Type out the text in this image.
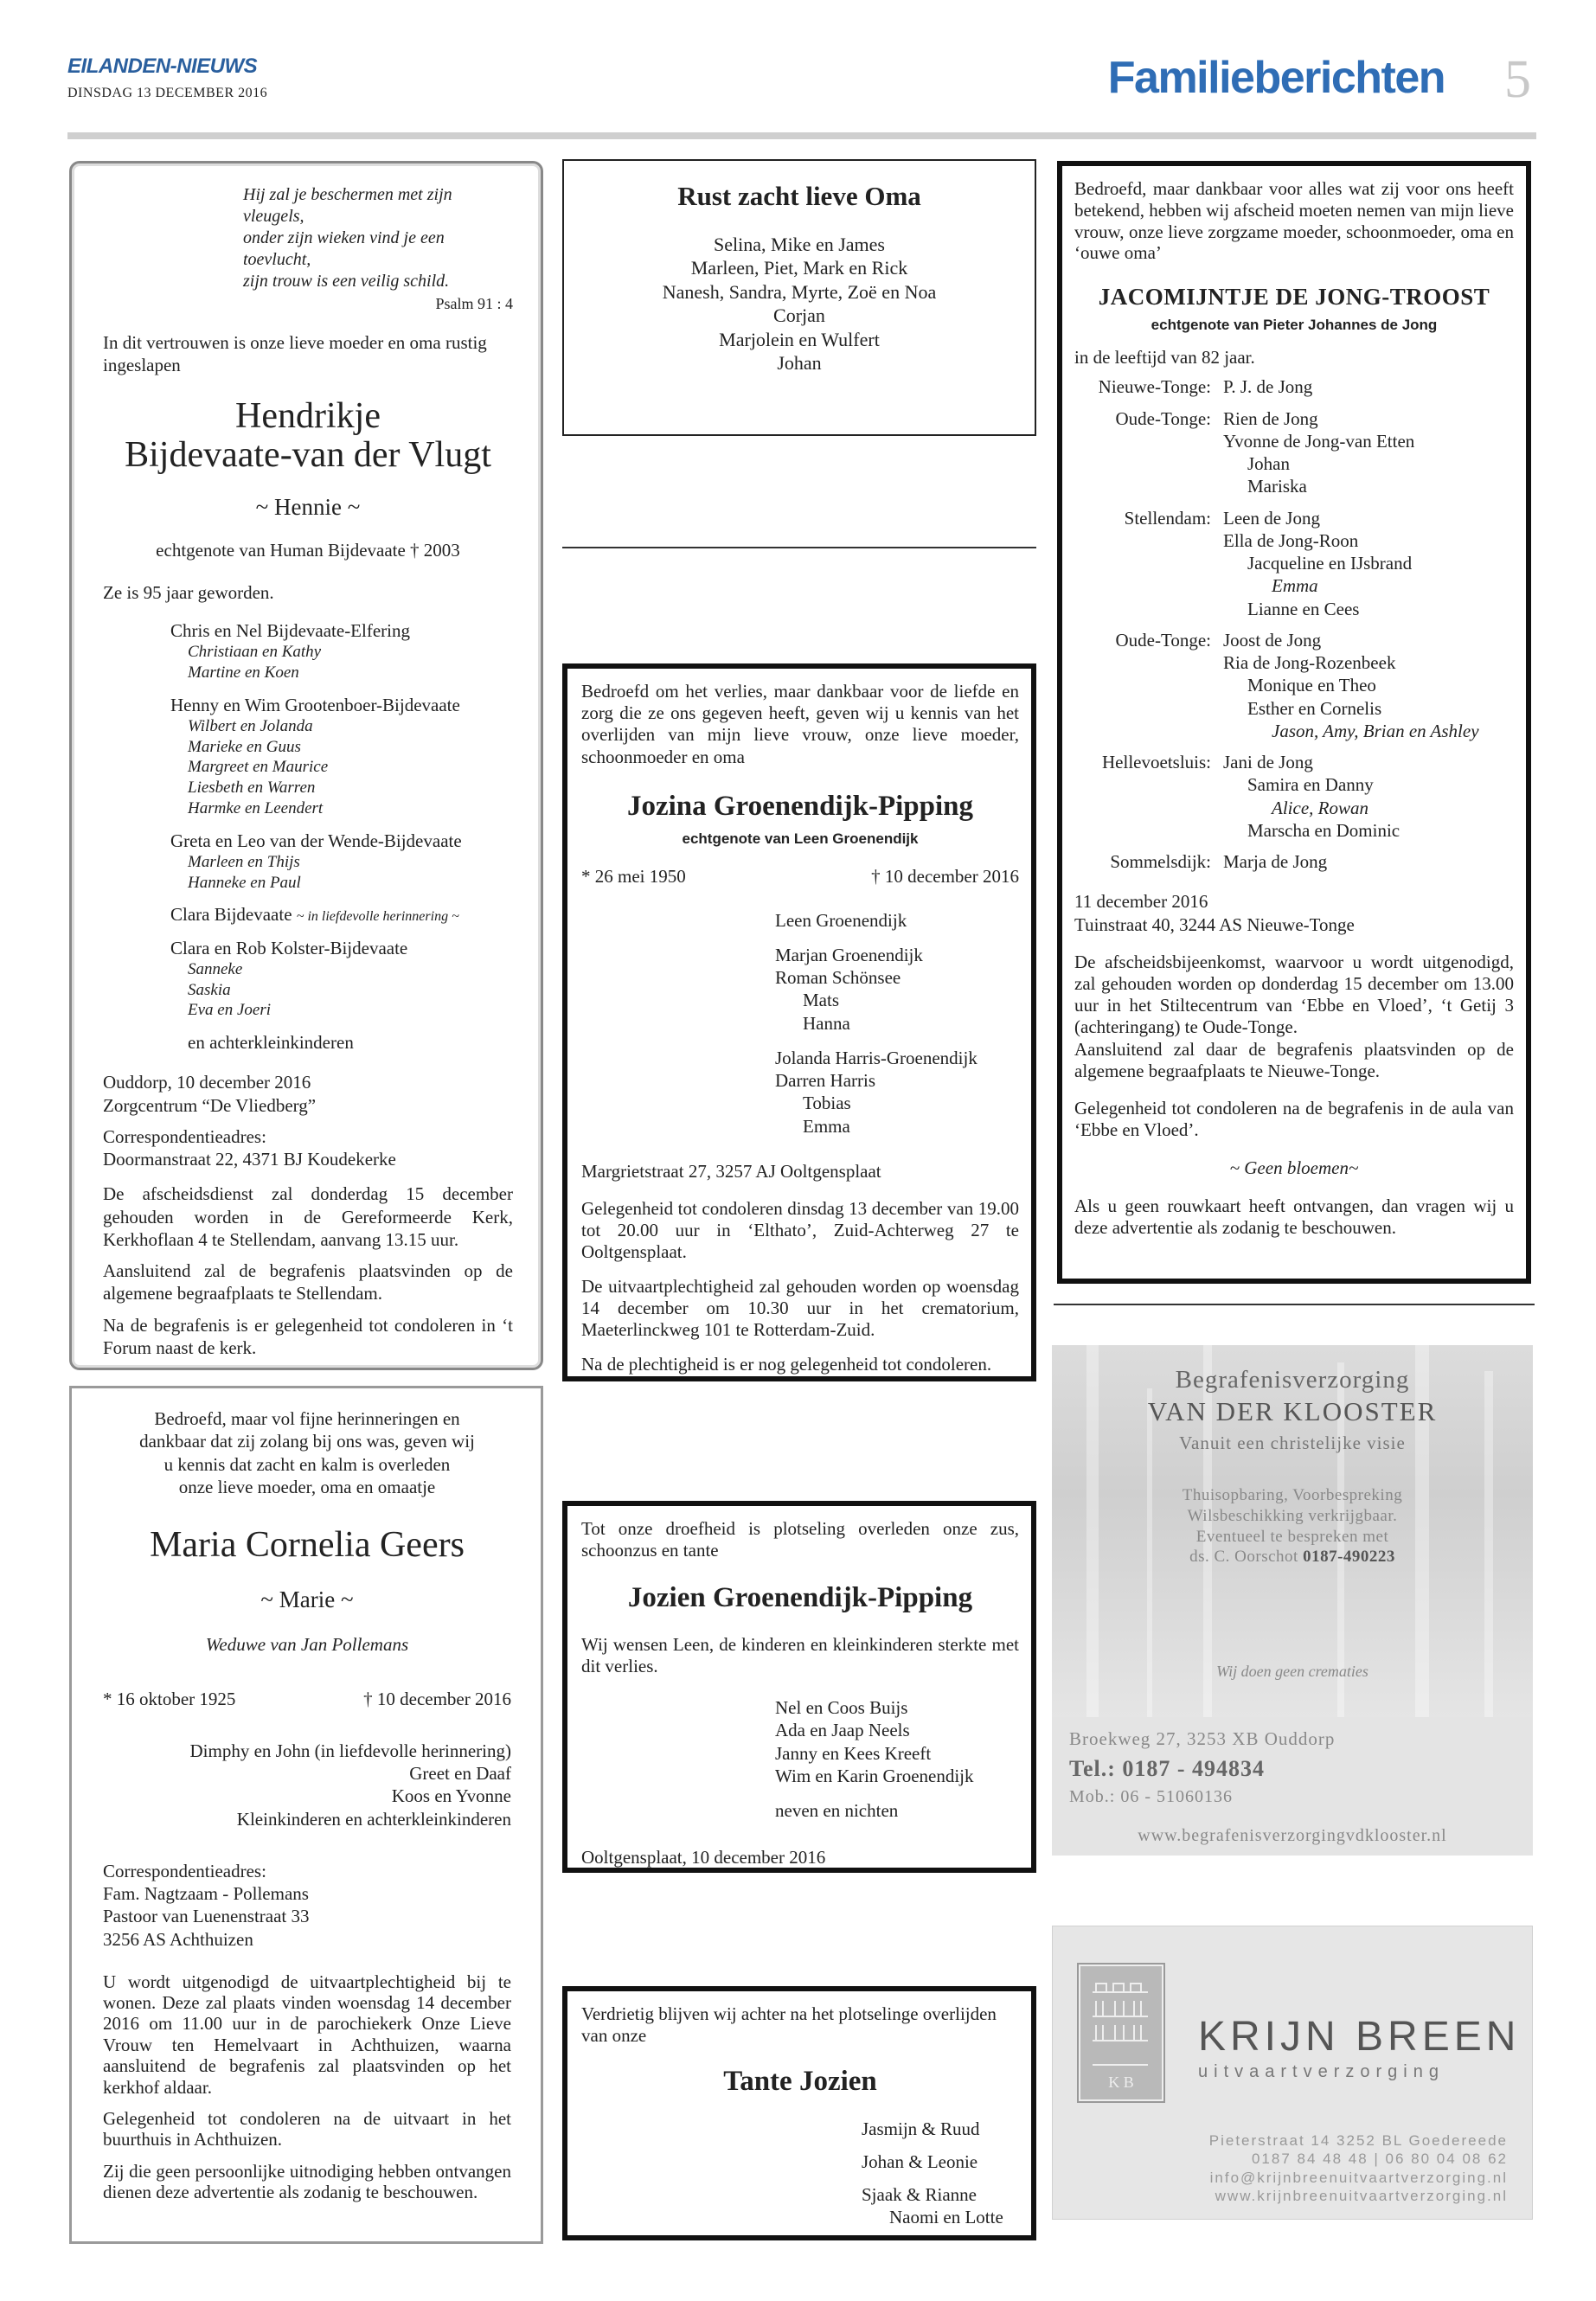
EILANDEN-NIEUWS
DINSDAG 13 DECEMBER 2016	Familieberichten	5
Hij zal je beschermen met zijn vleugels,
onder zijn wieken vind je een toevlucht,
zijn trouw is een veilig schild.
Psalm 91 : 4
In dit vertrouwen is onze lieve moeder en oma rustig ingeslapen
Hendrikje
Bijdevaate-van der Vlugt
~ Hennie ~
echtgenote van Human Bijdevaate † 2003
Ze is 95 jaar geworden.
Chris en Nel Bijdevaate-Elfering
Christiaan en Kathy
Martine en Koen
Henny en Wim Grootenboer-Bijdevaate
Wilbert en Jolanda
Marieke en Guus
Margreet en Maurice
Liesbeth en Warren
Harmke en Leendert
Greta en Leo van der Wende-Bijdevaate
Marleen en Thijs
Hanneke en Paul
Clara Bijdevaate ~ in liefdevolle herinnering ~
Clara en Rob Kolster-Bijdevaate
Sanneke
Saskia
Eva en Joeri
en achterkleinkinderen
Ouddorp, 10 december 2016
Zorgcentrum “De Vliedberg”
Correspondentieadres:
Doormanstraat 22, 4371 BJ Koudekerke
De afscheidsdienst zal donderdag 15 december gehouden worden in de Gereformeerde Kerk, Kerkhoflaan 4 te Stellendam, aanvang 13.15 uur.
Aansluitend zal de begrafenis plaatsvinden op de algemene begraafplaats te Stellendam.
Na de begrafenis is er gelegenheid tot condoleren in ‘t Forum naast de kerk.
Bedroefd, maar vol fijne herinneringen en
dankbaar dat zij zolang bij ons was, geven wij
u kennis dat zacht en kalm is overleden
onze lieve moeder, oma en omaatje
Maria Cornelia Geers
~ Marie ~
Weduwe van Jan Pollemans
* 16 oktober 1925	† 10 december 2016
Dimphy en John (in liefdevolle herinnering)
Greet en Daaf
Koos en Yvonne
Kleinkinderen en achterkleinkinderen
Correspondentieadres:
Fam. Nagtzaam - Pollemans
Pastoor van Luenenstraat 33
3256 AS Achthuizen
U wordt uitgenodigd de uitvaartplechtigheid bij te wonen. Deze zal plaats vinden woensdag 14 december 2016 om 11.00 uur in de parochiekerk Onze Lieve Vrouw ten Hemelvaart in Achthuizen, waarna aansluitend de begrafenis zal plaatsvinden op het kerkhof aldaar.
Gelegenheid tot condoleren na de uitvaart in het buurthuis in Achthuizen.
Zij die geen persoonlijke uitnodiging hebben ontvangen dienen deze advertentie als zodanig te beschouwen.
Rust zacht lieve Oma
Selina, Mike en James
Marleen, Piet, Mark en Rick
Nanesh, Sandra, Myrte, Zoë en Noa
Corjan
Marjolein en Wulfert
Johan
Bedroefd om het verlies, maar dankbaar voor de liefde en zorg die ze ons gegeven heeft, geven wij u kennis van het overlijden van mijn lieve vrouw, onze lieve moeder, schoonmoeder en oma
Jozina Groenendijk-Pipping
echtgenote van Leen Groenendijk
* 26 mei 1950	† 10 december 2016
Leen Groenendijk
Marjan Groenendijk
Roman Schönsee
Mats
Hanna
Jolanda Harris-Groenendijk
Darren Harris
Tobias
Emma
Margrietstraat 27, 3257 AJ Ooltgensplaat
Gelegenheid tot condoleren dinsdag 13 december van 19.00 tot 20.00 uur in ‘Elthato’, Zuid-Achterweg 27 te Ooltgensplaat.
De uitvaartplechtigheid zal gehouden worden op woensdag 14 december om 10.30 uur in het crematorium, Maeterlinckweg 101 te Rotterdam-Zuid.
Na de plechtigheid is er nog gelegenheid tot condoleren.
Tot onze droefheid is plotseling overleden onze zus, schoonzus en tante
Jozien Groenendijk-Pipping
Wij wensen Leen, de kinderen en kleinkinderen sterkte met dit verlies.
Nel en Coos Buijs
Ada en Jaap Neels
Janny en Kees Kreeft
Wim en Karin Groenendijk
neven en nichten
Ooltgensplaat, 10 december 2016
Verdrietig blijven wij achter na het plotselinge overlijden van onze
Tante Jozien
Jasmijn & Ruud
Johan & Leonie
Sjaak & Rianne
Naomi en Lotte
Bedroefd, maar dankbaar voor alles wat zij voor ons heeft betekend, hebben wij afscheid moeten nemen van mijn lieve vrouw, onze lieve zorgzame moeder, schoonmoeder, oma en ‘ouwe oma’
JACOMIJNTJE DE JONG-TROOST
echtgenote van Pieter Johannes de Jong
in de leeftijd van 82 jaar.
Nieuwe-Tonge: P. J. de Jong
Oude-Tonge: Rien de Jong
Yvonne de Jong-van Etten
Johan
Mariska
Stellendam: Leen de Jong
Ella de Jong-Roon
Jacqueline en IJsbrand
Emma
Lianne en Cees
Oude-Tonge: Joost de Jong
Ria de Jong-Rozenbeek
Monique en Theo
Esther en Cornelis
Jason, Amy, Brian en Ashley
Hellevoetsluis: Jani de Jong
Samira en Danny
Alice, Rowan
Marscha en Dominic
Sommelsdijk: Marja de Jong
11 december 2016
Tuinstraat 40, 3244 AS Nieuwe-Tonge
De afscheidsbijeenkomst, waarvoor u wordt uitgenodigd, zal gehouden worden op donderdag 15 december om 13.00 uur in het Stiltecentrum van ‘Ebbe en Vloed’, ‘t Getij 3 (achteringang) te Oude-Tonge.
Aansluitend zal daar de begrafenis plaatsvinden op de algemene begraafplaats te Nieuwe-Tonge.
Gelegenheid tot condoleren na de begrafenis in de aula van ‘Ebbe en Vloed’.
~ Geen bloemen~
Als u geen rouwkaart heeft ontvangen, dan vragen wij u deze advertentie als zodanig te beschouwen.
Begrafenisverzorging
VAN DER KLOOSTER
Vanuit een christelijke visie
Thuisopbaring, Voorbespreking
Wilsbeschikking verkrijgbaar.
Eventueel te bespreken met
ds. C. Oorschot 0187-490223
Wij doen geen crematies
Broekweg 27, 3253 XB Ouddorp
Tel.: 0187 - 494834
Mob.: 06 - 51060136
www.begrafenisverzorgingvdklooster.nl
K B
KRIJN BREEN
uitvaartverzorging
Pieterstraat 14 3252 BL Goedereede
0187 84 48 48 | 06 80 04 08 62
info@krijnbreenuitvaartverzorging.nl
www.krijnbreenuitvaartverzorging.nl
